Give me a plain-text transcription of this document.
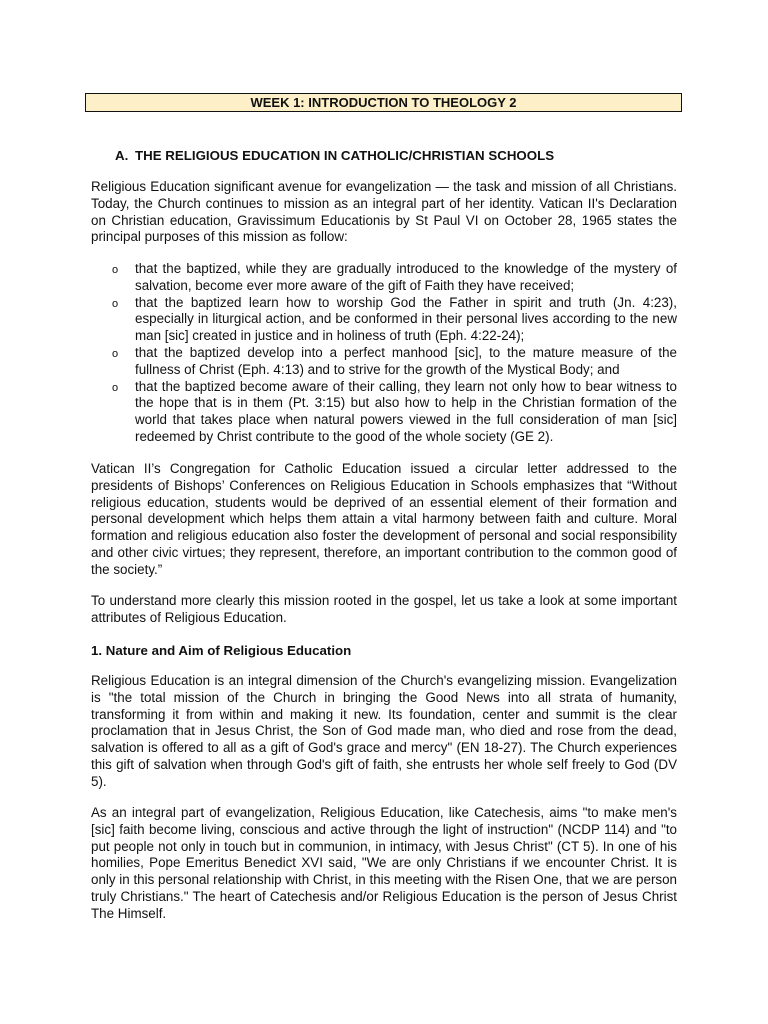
WEEK 1: INTRODUCTION TO THEOLOGY 2
A. THE RELIGIOUS EDUCATION IN CATHOLIC/CHRISTIAN SCHOOLS

Religious Education significant avenue for evangelization — the task and mission of all Christians. Today, the Church continues to mission as an integral part of her identity. Vatican II's Declaration on Christian education, Gravissimum Educationis by St Paul VI on October 28, 1965 states the principal purposes of this mission as follow:

o that the baptized, while they are gradually introduced to the knowledge of the mystery of salvation, become ever more aware of the gift of Faith they have received;
o that the baptized learn how to worship God the Father in spirit and truth (Jn. 4:23), especially in liturgical action, and be conformed in their personal lives according to the new man [sic] created in justice and in holiness of truth (Eph. 4:22-24);
o that the baptized develop into a perfect manhood [sic], to the mature measure of the fullness of Christ (Eph. 4:13) and to strive for the growth of the Mystical Body; and
o that the baptized become aware of their calling, they learn not only how to bear witness to the hope that is in them (Pt. 3:15) but also how to help in the Christian formation of the world that takes place when natural powers viewed in the full consideration of man [sic] redeemed by Christ contribute to the good of the whole society (GE 2).

Vatican II’s Congregation for Catholic Education issued a circular letter addressed to the presidents of Bishops’ Conferences on Religious Education in Schools emphasizes that “Without religious education, students would be deprived of an essential element of their formation and personal development which helps them attain a vital harmony between faith and culture. Moral formation and religious education also foster the development of personal and social responsibility and other civic virtues; they represent, therefore, an important contribution to the common good of the society.”

To understand more clearly this mission rooted in the gospel, let us take a look at some important attributes of Religious Education.

1. Nature and Aim of Religious Education

Religious Education is an integral dimension of the Church's evangelizing mission. Evangelization is "the total mission of the Church in bringing the Good News into all strata of humanity, transforming it from within and making it new. Its foundation, center and summit is the clear proclamation that in Jesus Christ, the Son of God made man, who died and rose from the dead, salvation is offered to all as a gift of God's grace and mercy" (EN 18-27). The Church experiences this gift of salvation when through God's gift of faith, she entrusts her whole self freely to God (DV 5).

As an integral part of evangelization, Religious Education, like Catechesis, aims "to make men's [sic] faith become living, conscious and active through the light of instruction" (NCDP 114) and "to put people not only in touch but in communion, in intimacy, with Jesus Christ" (CT 5). In one of his homilies, Pope Emeritus Benedict XVI said, "We are only Christians if we encounter Christ. It is only in this personal relationship with Christ, in this meeting with the Risen One, that we are person truly Christians." The heart of Catechesis and/or Religious Education is the person of Jesus Christ The Himself.
